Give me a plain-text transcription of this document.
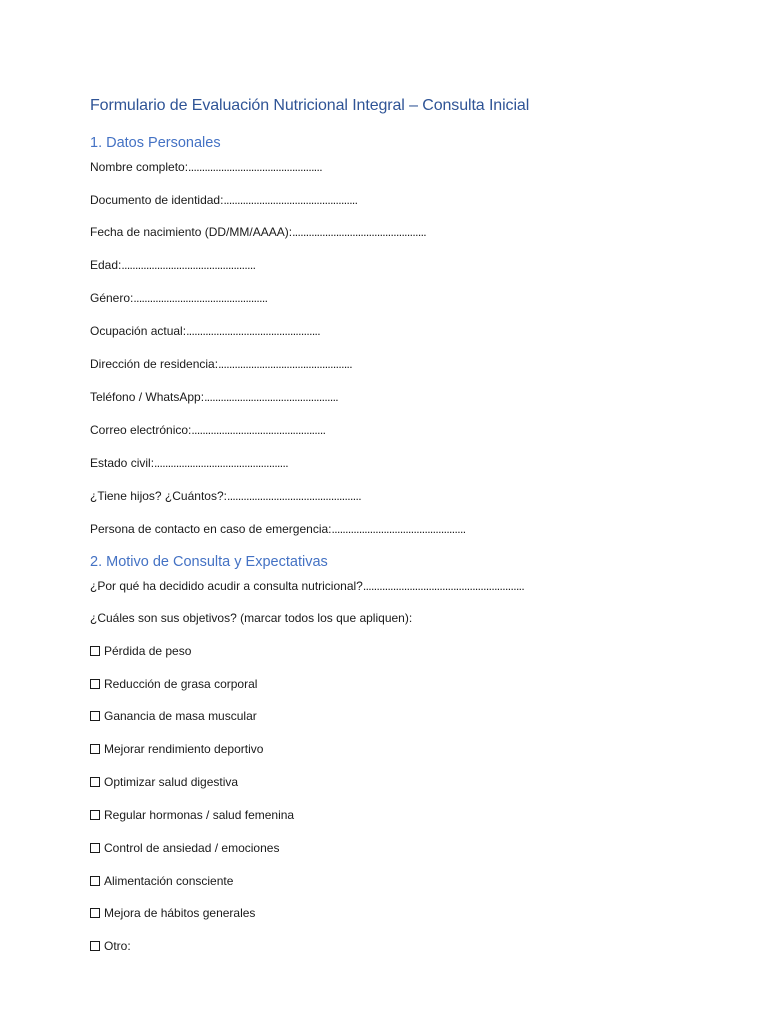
Formulario de Evaluación Nutricional Integral – Consulta Inicial
1. Datos Personales
Nombre completo:.................................................
Documento de identidad:.................................................
Fecha de nacimiento (DD/MM/AAAA):.................................................
Edad:.................................................
Género:.................................................
Ocupación actual:.................................................
Dirección de residencia:.................................................
Teléfono / WhatsApp:.................................................
Correo electrónico:.................................................
Estado civil:.................................................
¿Tiene hijos? ¿Cuántos?:.................................................
Persona de contacto en caso de emergencia:.................................................
2. Motivo de Consulta y Expectativas
¿Por qué ha decidido acudir a consulta nutricional?...........................................................
¿Cuáles son sus objetivos? (marcar todos los que apliquen):
Pérdida de peso
Reducción de grasa corporal
Ganancia de masa muscular
Mejorar rendimiento deportivo
Optimizar salud digestiva
Regular hormonas / salud femenina
Control de ansiedad / emociones
Alimentación consciente
Mejora de hábitos generales
Otro:
